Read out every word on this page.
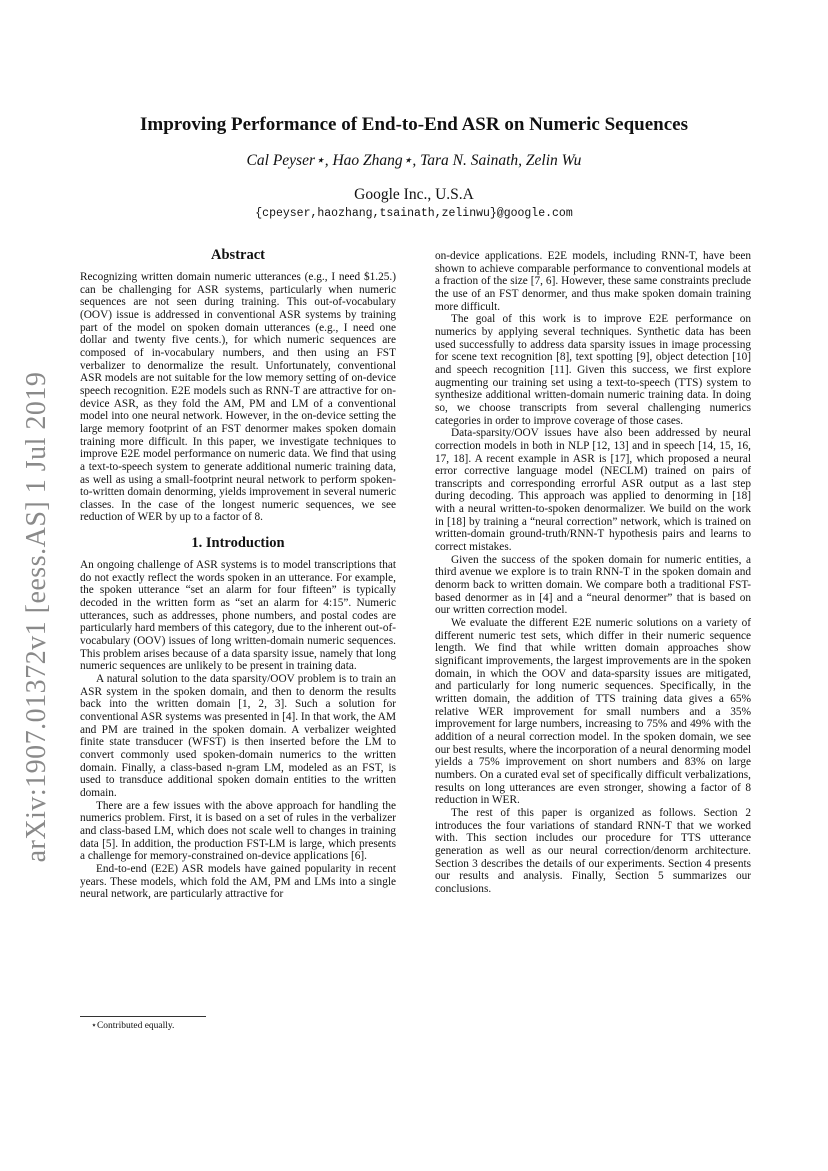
arXiv:1907.01372v1 [eess.AS] 1 Jul 2019
Improving Performance of End-to-End ASR on Numeric Sequences
Cal Peyser⋆, Hao Zhang⋆, Tara N. Sainath, Zelin Wu
Google Inc., U.S.A
{cpeyser,haozhang,tsainath,zelinwu}@google.com
Abstract

Recognizing written domain numeric utterances (e.g., I need $1.25.) can be challenging for ASR systems, particularly when numeric sequences are not seen during training. This out-of-vocabulary (OOV) issue is addressed in conventional ASR systems by training part of the model on spoken domain utterances (e.g., I need one dollar and twenty five cents.), for which numeric sequences are composed of in-vocabulary numbers, and then using an FST verbalizer to denormalize the result. Unfortunately, conventional ASR models are not suitable for the low memory setting of on-device speech recognition. E2E models such as RNN-T are attractive for on-device ASR, as they fold the AM, PM and LM of a conventional model into one neural network. However, in the on-device setting the large memory footprint of an FST denormer makes spoken domain training more difficult. In this paper, we investigate techniques to improve E2E model performance on numeric data. We find that using a text-to-speech system to generate additional numeric training data, as well as using a small-footprint neural network to perform spoken-to-written domain denorming, yields improvement in several numeric classes. In the case of the longest numeric sequences, we see reduction of WER by up to a factor of 8.

1. Introduction

An ongoing challenge of ASR systems is to model transcriptions that do not exactly reflect the words spoken in an utterance. For example, the spoken utterance “set an alarm for four fifteen” is typically decoded in the written form as “set an alarm for 4:15”. Numeric utterances, such as addresses, phone numbers, and postal codes are particularly hard members of this category, due to the inherent out-of-vocabulary (OOV) issues of long written-domain numeric sequences. This problem arises because of a data sparsity issue, namely that long numeric sequences are unlikely to be present in training data.

A natural solution to the data sparsity/OOV problem is to train an ASR system in the spoken domain, and then to denorm the results back into the written domain [1, 2, 3]. Such a solution for conventional ASR systems was presented in [4]. In that work, the AM and PM are trained in the spoken domain. A verbalizer weighted finite state transducer (WFST) is then inserted before the LM to convert commonly used spoken-domain numerics to the written domain. Finally, a class-based n-gram LM, modeled as an FST, is used to transduce additional spoken domain entities to the written domain.

There are a few issues with the above approach for handling the numerics problem. First, it is based on a set of rules in the verbalizer and class-based LM, which does not scale well to changes in training data [5]. In addition, the production FST-LM is large, which presents a challenge for memory-constrained on-device applications [6].

End-to-end (E2E) ASR models have gained popularity in recent years. These models, which fold the AM, PM and LMs into a single neural network, are particularly attractive for

on-device applications. E2E models, including RNN-T, have been shown to achieve comparable performance to conventional models at a fraction of the size [7, 6]. However, these same constraints preclude the use of an FST denormer, and thus make spoken domain training more difficult.

The goal of this work is to improve E2E performance on numerics by applying several techniques. Synthetic data has been used successfully to address data sparsity issues in image processing for scene text recognition [8], text spotting [9], object detection [10] and speech recognition [11]. Given this success, we first explore augmenting our training set using a text-to-speech (TTS) system to synthesize additional written-domain numeric training data. In doing so, we choose transcripts from several challenging numerics categories in order to improve coverage of those cases.

Data-sparsity/OOV issues have also been addressed by neural correction models in both in NLP [12, 13] and in speech [14, 15, 16, 17, 18]. A recent example in ASR is [17], which proposed a neural error corrective language model (NECLM) trained on pairs of transcripts and corresponding errorful ASR output as a last step during decoding. This approach was applied to denorming in [18] with a neural written-to-spoken denormalizer. We build on the work in [18] by training a “neural correction” network, which is trained on written-domain ground-truth/RNN-T hypothesis pairs and learns to correct mistakes.

Given the success of the spoken domain for numeric entities, a third avenue we explore is to train RNN-T in the spoken domain and denorm back to written domain. We compare both a traditional FST-based denormer as in [4] and a “neural denormer” that is based on our written correction model.

We evaluate the different E2E numeric solutions on a variety of different numeric test sets, which differ in their numeric sequence length. We find that while written domain approaches show significant improvements, the largest improvements are in the spoken domain, in which the OOV and data-sparsity issues are mitigated, and particularly for long numeric sequences. Specifically, in the written domain, the addition of TTS training data gives a 65% relative WER improvement for small numbers and a 35% improvement for large numbers, increasing to 75% and 49% with the addition of a neural correction model. In the spoken domain, we see our best results, where the incorporation of a neural denorming model yields a 75% improvement on short numbers and 83% on large numbers. On a curated eval set of specifically difficult verbalizations, results on long utterances are even stronger, showing a factor of 8 reduction in WER.

The rest of this paper is organized as follows. Section 2 introduces the four variations of standard RNN-T that we worked with. This section includes our procedure for TTS utterance generation as well as our neural correction/denorm architecture. Section 3 describes the details of our experiments. Section 4 presents our results and analysis. Finally, Section 5 summarizes our conclusions.

⋆Contributed equally.
